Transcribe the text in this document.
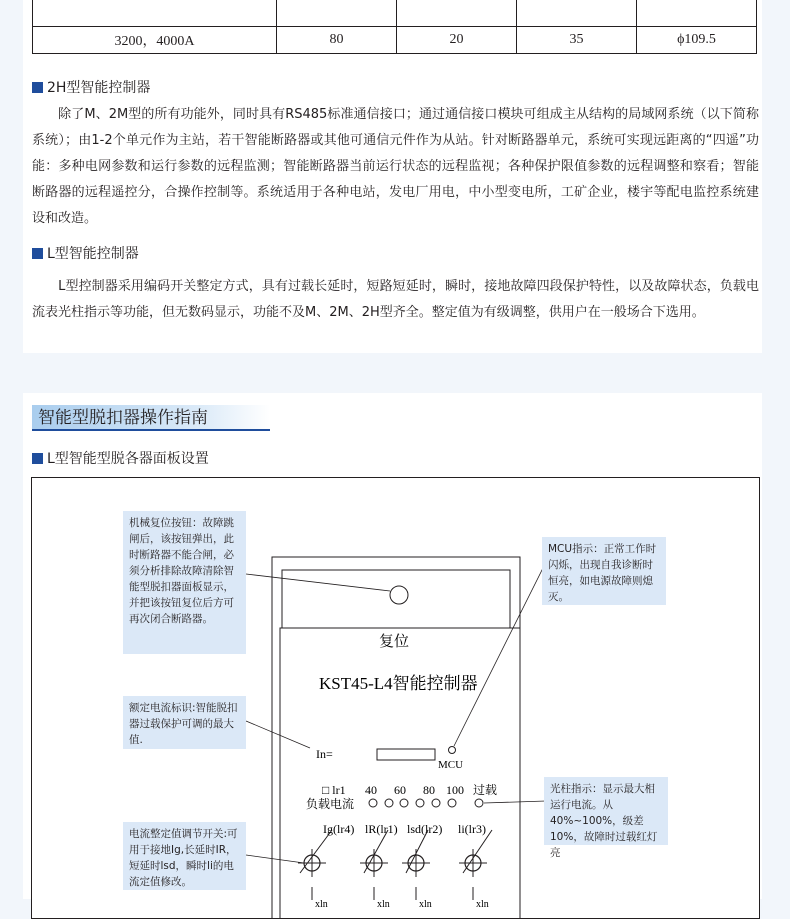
3200，4000A	80	20	35	ϕ109.5
2H型智能控制器
　　除了M、2M型的所有功能外，同时具有RS485标准通信接口；通过通信接口模块可组成主从结构的局域网系统（以下简称系统）；由1-2个单元作为主站，若干智能断路器或其他可通信元件作为从站。针对断路器单元，系统可实现远距离的“四遥”功能：多种电网参数和运行参数的远程监测；智能断路器当前运行状态的远程监视；各种保护限值参数的远程调整和察看；智能断路器的远程遥控分，合操作控制等。系统适用于各种电站，发电厂用电，中小型变电所，工矿企业，楼宇等配电监控系统建设和改造。
L型智能控制器
　　L型控制器采用编码开关整定方式，具有过载长延时，短路短延时，瞬时，接地故障四段保护特性，以及故障状态，负载电流表光柱指示等功能，但无数码显示，功能不及M、2M、2H型齐全。整定值为有级调整，供用户在一般场合下选用。
智能型脱扣器操作指南
L型智能型脱各器面板设置
复位
KST45-L4智能控制器
In=
MCU
□ lr1 40 60 80 100 过载
负载电流
Ig(lr4) lR(lr1) lsd(lr2) li(lr3)
xln	xln	xln	xln
机械复位按钮：故障跳闸后，该按钮弹出，此时断路器不能合闸，必须分析排除故障清除智能型脱扣器面板显示，并把该按钮复位后方可再次闭合断路器。
MCU指示：正常工作时闪烁，出现自我诊断时恒亮，如电源故障则熄灭。
额定电流标识:智能脱扣器过载保护可调的最大值.
光柱指示：显示最大相运行电流。从40%~100%，级差10%，故障时过载红灯亮
电流整定值调节开关:可用于接地Ig,长延时IR，短延时lsd，瞬时li的电流定值修改。
